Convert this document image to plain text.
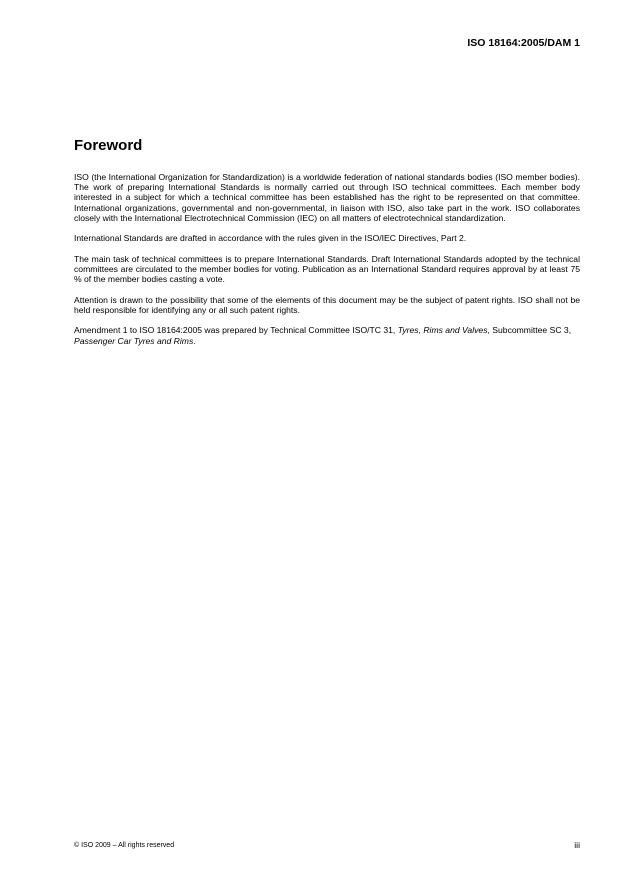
ISO 18164:2005/DAM 1
Foreword

ISO (the International Organization for Standardization) is a worldwide federation of national standards bodies (ISO member bodies). The work of preparing International Standards is normally carried out through ISO technical committees. Each member body interested in a subject for which a technical committee has been established has the right to be represented on that committee. International organizations, governmental and non-governmental, in liaison with ISO, also take part in the work. ISO collaborates closely with the International Electrotechnical Commission (IEC) on all matters of electrotechnical standardization.

International Standards are drafted in accordance with the rules given in the ISO/IEC Directives, Part 2.

The main task of technical committees is to prepare International Standards. Draft International Standards adopted by the technical committees are circulated to the member bodies for voting. Publication as an International Standard requires approval by at least 75 % of the member bodies casting a vote.

Attention is drawn to the possibility that some of the elements of this document may be the subject of patent rights. ISO shall not be held responsible for identifying any or all such patent rights.

Amendment 1 to ISO 18164:2005 was prepared by Technical Committee ISO/TC 31, Tyres, Rims and Valves, Subcommittee SC 3, Passenger Car Tyres and Rims.

© ISO 2009 – All rights reserved	iii
